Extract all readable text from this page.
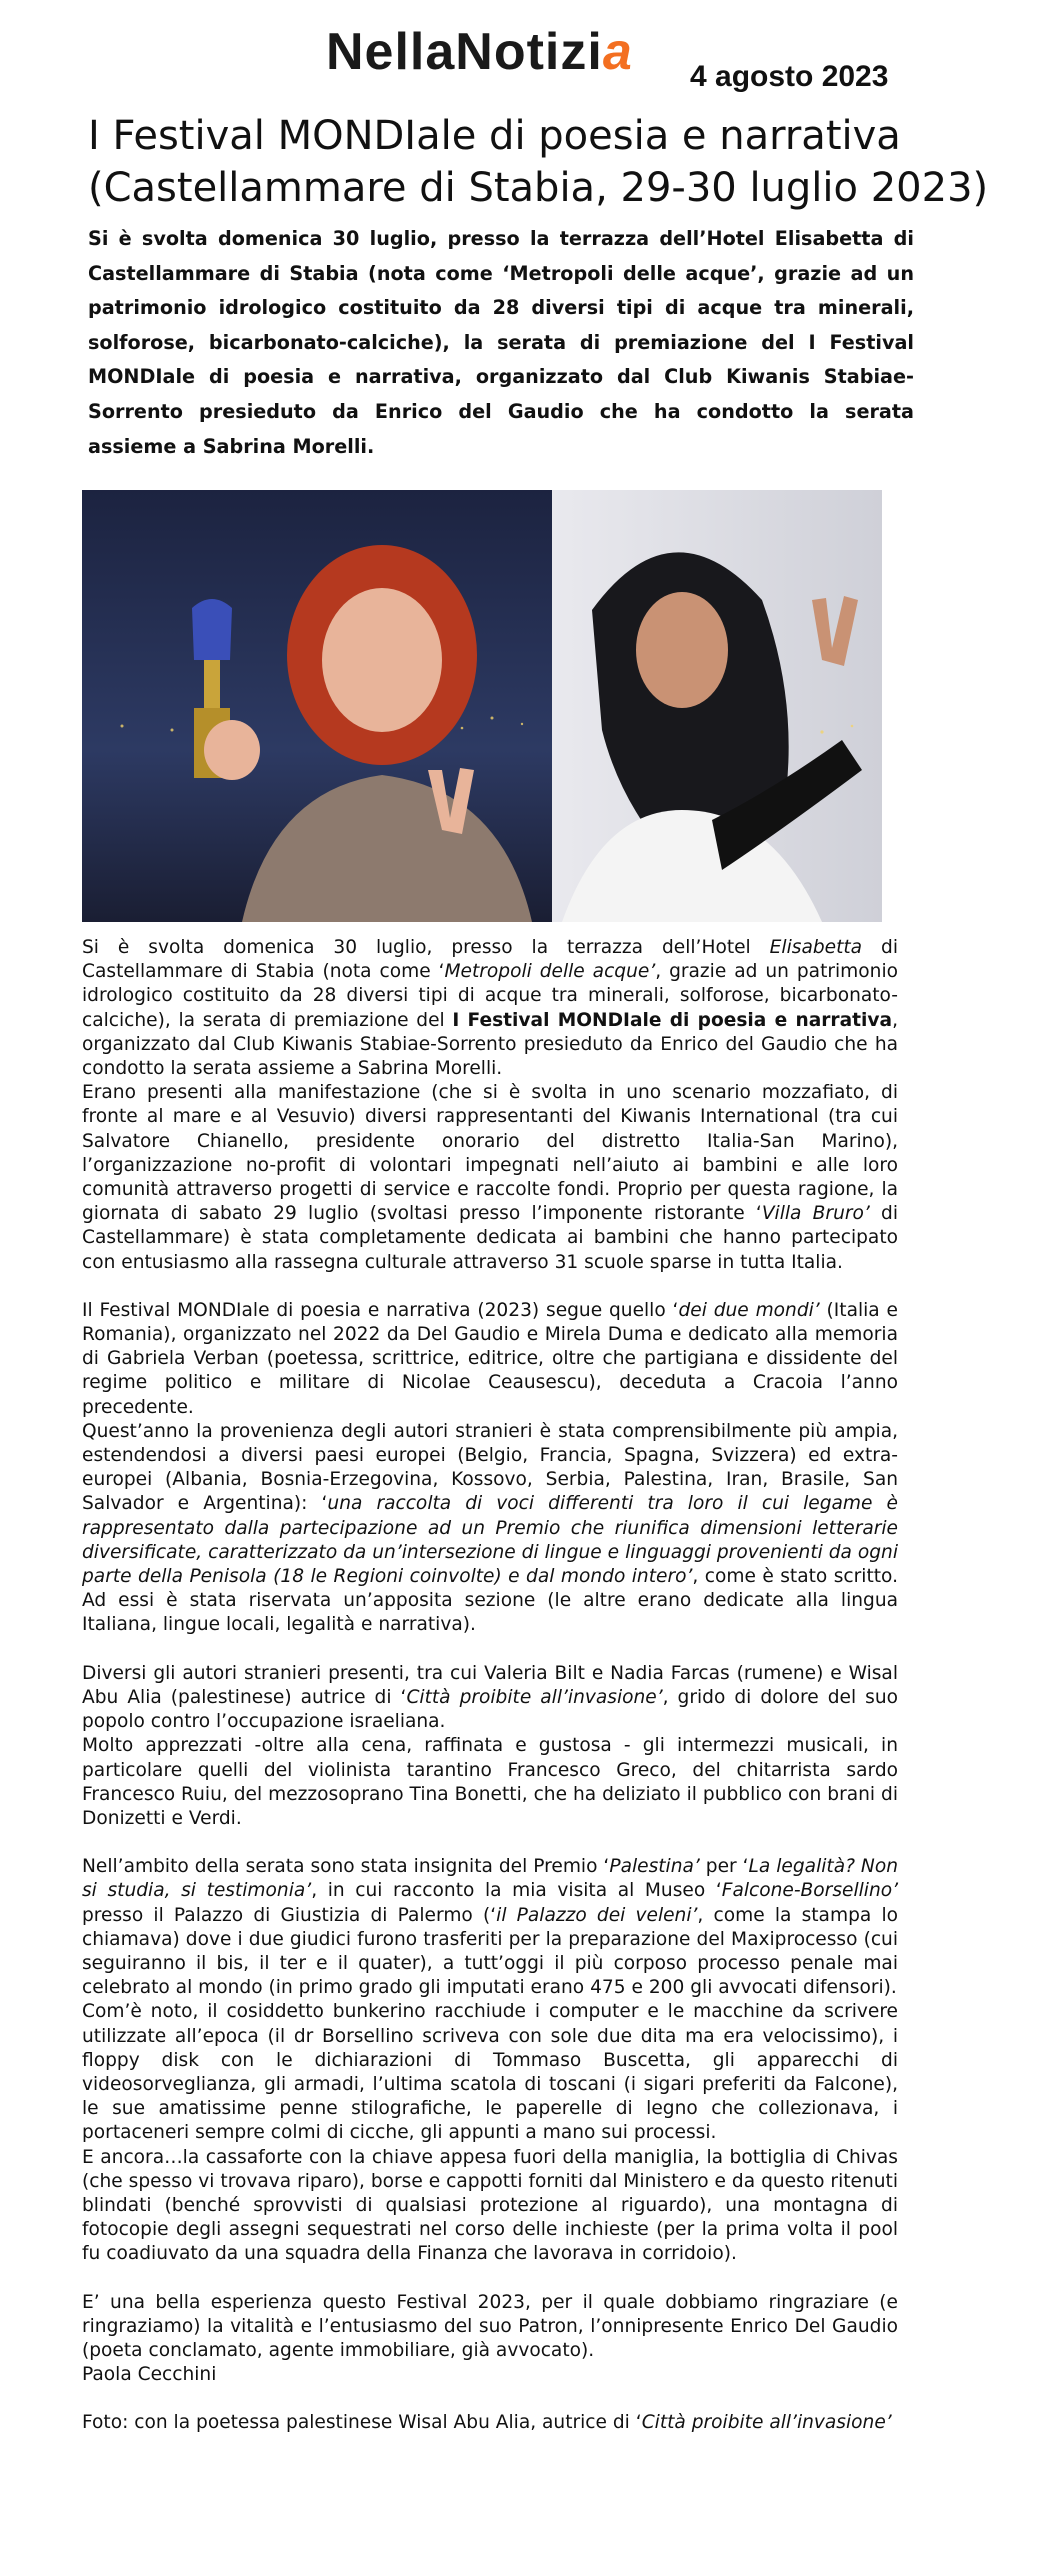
NellaNotizia 4 agosto 2023
I Festival MONDIale di poesia e narrativa
(Castellammare di Stabia, 29-30 luglio 2023)
Si è svolta domenica 30 luglio, presso la terrazza dell’Hotel Elisabetta di Castellammare di Stabia (nota come ‘Metropoli delle acque’, grazie ad un patrimonio idrologico costituito da 28 diversi tipi di acque tra minerali, solforose, bicarbonato-calciche), la serata di premiazione del I Festival MONDIale di poesia e narrativa, organizzato dal Club Kiwanis Stabiae-Sorrento presieduto da Enrico del Gaudio che ha condotto la serata assieme a Sabrina Morelli.

Si è svolta domenica 30 luglio, presso la terrazza dell’Hotel Elisabetta di Castellammare di Stabia (nota come ‘Metropoli delle acque’, grazie ad un patrimonio idrologico costituito da 28 diversi tipi di acque tra minerali, solforose, bicarbonato-calciche), la serata di premiazione del I Festival MONDIale di poesia e narrativa, organizzato dal Club Kiwanis Stabiae-Sorrento presieduto da Enrico del Gaudio che ha condotto la serata assieme a Sabrina Morelli.

Erano presenti alla manifestazione (che si è svolta in uno scenario mozzafiato, di fronte al mare e al Vesuvio) diversi rappresentanti del Kiwanis International (tra cui Salvatore Chianello, presidente onorario del distretto Italia-San Marino), l’organizzazione no-profit di volontari impegnati nell’aiuto ai bambini e alle loro comunità attraverso progetti di service e raccolte fondi. Proprio per questa ragione, la giornata di sabato 29 luglio (svoltasi presso l’imponente ristorante ‘Villa Bruro’ di Castellammare) è stata completamente dedicata ai bambini che hanno partecipato con entusiasmo alla rassegna culturale attraverso 31 scuole sparse in tutta Italia.

Il Festival MONDIale di poesia e narrativa (2023) segue quello ‘dei due mondi’ (Italia e Romania), organizzato nel 2022 da Del Gaudio e Mirela Duma e dedicato alla memoria di Gabriela Verban (poetessa, scrittrice, editrice, oltre che partigiana e dissidente del regime politico e militare di Nicolae Ceausescu), deceduta a Cracoia l’anno precedente.

Quest’anno la provenienza degli autori stranieri è stata comprensibilmente più ampia, estendendosi a diversi paesi europei (Belgio, Francia, Spagna, Svizzera) ed extra-europei (Albania, Bosnia-Erzegovina, Kossovo, Serbia, Palestina, Iran, Brasile, San Salvador e Argentina): ‘una raccolta di voci differenti tra loro il cui legame è rappresentato dalla partecipazione ad un Premio che riunifica dimensioni letterarie diversificate, caratterizzato da un’intersezione di lingue e linguaggi provenienti da ogni parte della Penisola (18 le Regioni coinvolte) e dal mondo intero’, come è stato scritto. Ad essi è stata riservata un’apposita sezione (le altre erano dedicate alla lingua Italiana, lingue locali, legalità e narrativa).

Diversi gli autori stranieri presenti, tra cui Valeria Bilt e Nadia Farcas (rumene) e Wisal Abu Alia (palestinese) autrice di ‘Città proibite all’invasione’, grido di dolore del suo popolo contro l’occupazione israeliana.

Molto apprezzati -oltre alla cena, raffinata e gustosa - gli intermezzi musicali, in particolare quelli del violinista tarantino Francesco Greco, del chitarrista sardo Francesco Ruiu, del mezzosoprano Tina Bonetti, che ha deliziato il pubblico con brani di Donizetti e Verdi.

Nell’ambito della serata sono stata insignita del Premio ‘Palestina’ per ‘La legalità? Non si studia, si testimonia’, in cui racconto la mia visita al Museo ‘Falcone-Borsellino’ presso il Palazzo di Giustizia di Palermo (‘il Palazzo dei veleni’, come la stampa lo chiamava) dove i due giudici furono trasferiti per la preparazione del Maxiprocesso (cui seguiranno il bis, il ter e il quater), a tutt’oggi il più corposo processo penale mai celebrato al mondo (in primo grado gli imputati erano 475 e 200 gli avvocati difensori).

Com’è noto, il cosiddetto bunkerino racchiude i computer e le macchine da scrivere utilizzate all’epoca (il dr Borsellino scriveva con sole due dita ma era velocissimo), i floppy disk con le dichiarazioni di Tommaso Buscetta, gli apparecchi di videosorveglianza, gli armadi, l’ultima scatola di toscani (i sigari preferiti da Falcone), le sue amatissime penne stilografiche, le paperelle di legno che collezionava, i portaceneri sempre colmi di cicche, gli appunti a mano sui processi.

E ancora…la cassaforte con la chiave appesa fuori della maniglia, la bottiglia di Chivas (che spesso vi trovava riparo), borse e cappotti forniti dal Ministero e da questo ritenuti blindati (benché sprovvisti di qualsiasi protezione al riguardo), una montagna di fotocopie degli assegni sequestrati nel corso delle inchieste (per la prima volta il pool fu coadiuvato da una squadra della Finanza che lavorava in corridoio).

E’ una bella esperienza questo Festival 2023, per il quale dobbiamo ringraziare (e ringraziamo) la vitalità e l’entusiasmo del suo Patron, l’onnipresente Enrico Del Gaudio (poeta conclamato, agente immobiliare, già avvocato).

Paola Cecchini

Foto: con la poetessa palestinese Wisal Abu Alia, autrice di ‘Città proibite all’invasione’
